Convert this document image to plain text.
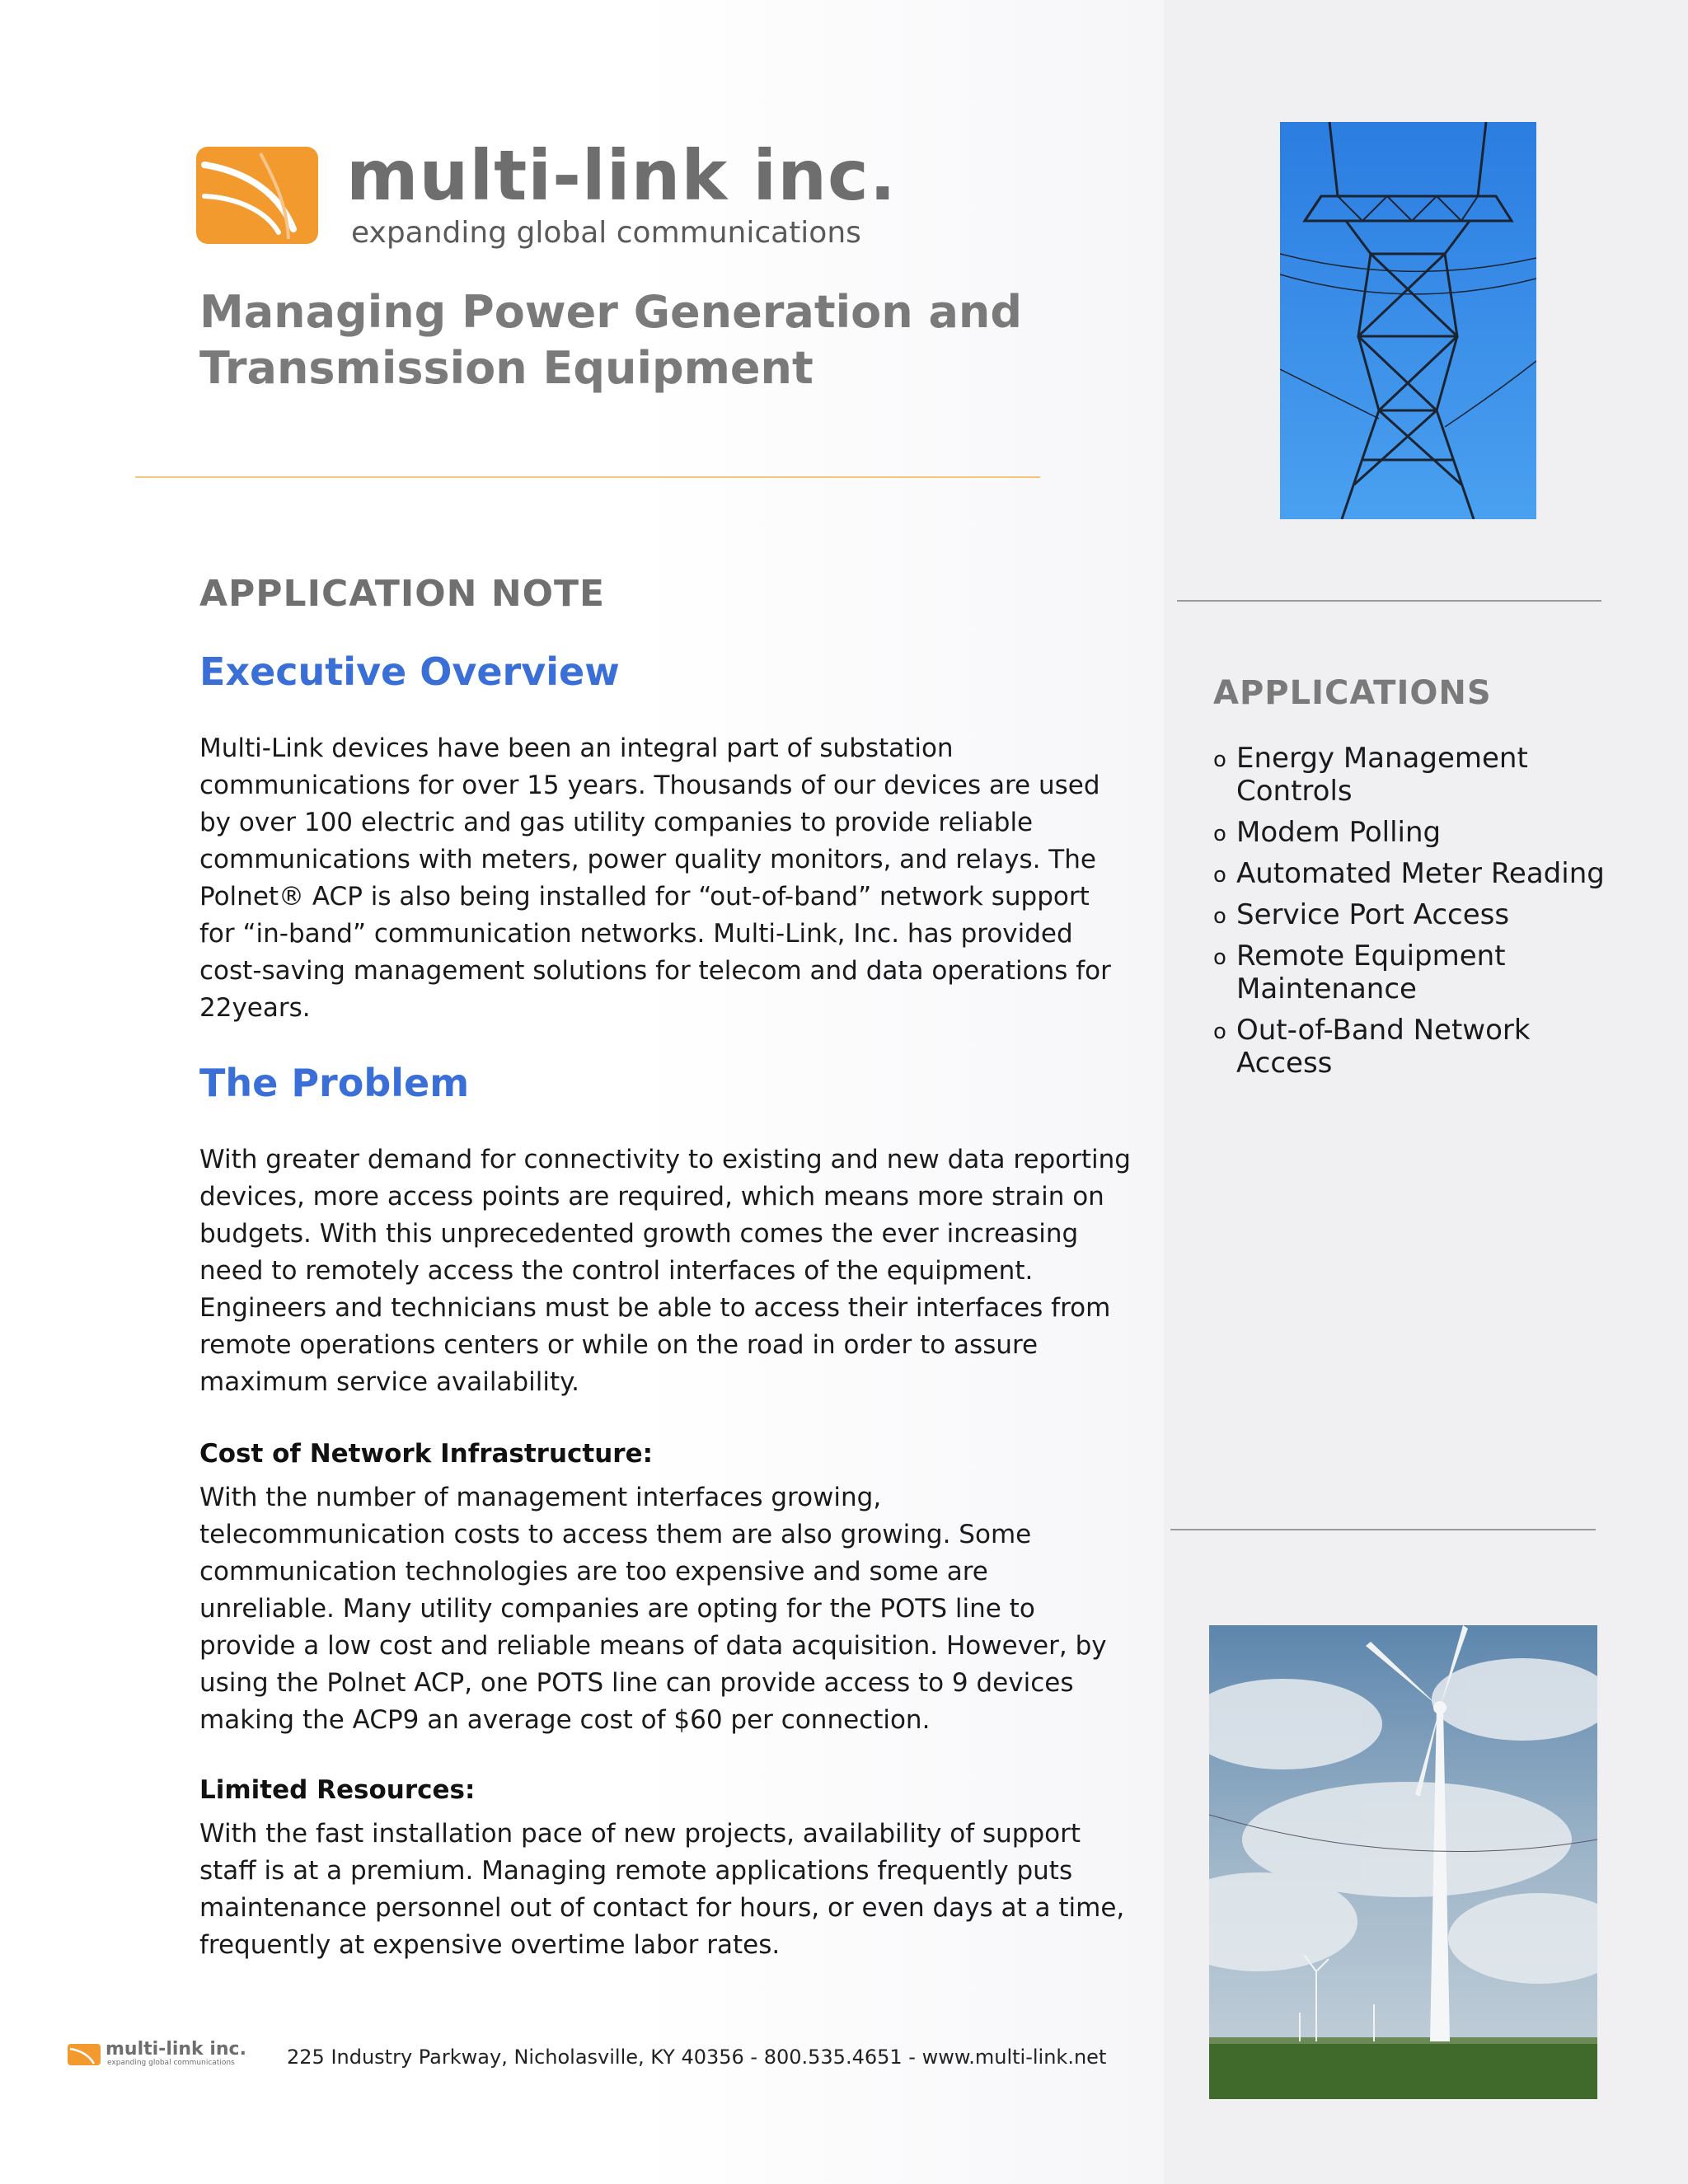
multi-link inc.
expanding global communications
Managing Power Generation and Transmission Equipment
APPLICATION NOTE
Executive Overview

Multi-Link devices have been an integral part of substation communications for over 15 years. Thousands of our devices are used by over 100 electric and gas utility companies to provide reliable communications with meters, power quality monitors, and relays. The Polnet® ACP is also being installed for “out-of-band” network support for “in-band” communication networks. Multi-Link, Inc. has provided cost-saving management solutions for telecom and data operations for 22years.

The Problem

With greater demand for connectivity to existing and new data reporting devices, more access points are required, which means more strain on budgets. With this unprecedented growth comes the ever increasing need to remotely access the control interfaces of the equipment. Engineers and technicians must be able to access their interfaces from remote operations centers or while on the road in order to assure maximum service availability.

Cost of Network Infrastructure:

With the number of management interfaces growing, telecommunication costs to access them are also growing. Some communication technologies are too expensive and some are unreliable. Many utility companies are opting for the POTS line to provide a low cost and reliable means of data acquisition. However, by using the Polnet ACP, one POTS line can provide access to 9 devices making the ACP9 an average cost of $60 per connection.

Limited Resources:

With the fast installation pace of new projects, availability of support staff is at a premium. Managing remote applications frequently puts maintenance personnel out of contact for hours, or even days at a time, frequently at expensive overtime labor rates.

multi-link inc.
expanding global communications	225 Industry Parkway, Nicholasville, KY 40356 - 800.535.4651 - www.multi-link.net
APPLICATIONS
o Energy Management Controls
o Modem Polling
o Automated Meter Reading
o Service Port Access
o Remote Equipment Maintenance
o Out-of-Band Network Access
